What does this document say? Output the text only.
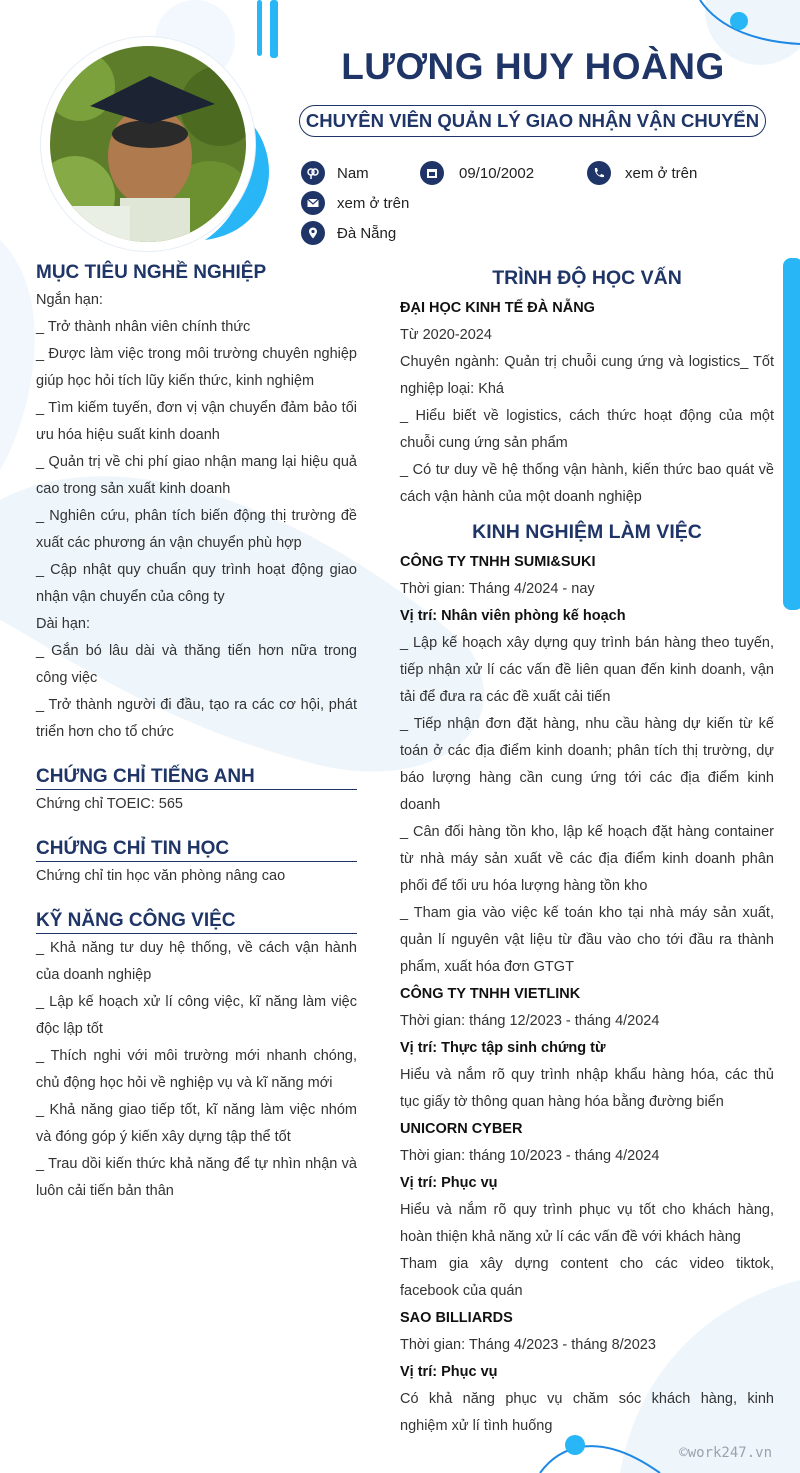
LƯƠNG HUY HOÀNG
CHUYÊN VIÊN QUẢN LÝ GIAO NHẬN VẬN CHUYỂN
Nam	09/10/2002	xem ở trên
xem ở trên
Đà Nẵng
MỤC TIÊU NGHỀ NGHIỆP
Ngắn hạn:
_ Trở thành nhân viên chính thức
_ Được làm việc trong môi trường chuyên nghiệp
giúp học hỏi tích lũy kiến thức, kinh nghiệm
_ Tìm kiếm tuyến, đơn vị vận chuyển đảm bảo tối
ưu hóa hiệu suất kinh doanh
_ Quản trị về chi phí giao nhận mang lại hiệu quả
cao trong sản xuất kinh doanh
_ Nghiên cứu, phân tích biến động thị trường đề
xuất các phương án vận chuyển phù hợp
_ Cập nhật quy chuẩn quy trình hoạt động giao
nhận vận chuyển của công ty
Dài hạn:
_ Gắn bó lâu dài và thăng tiến hơn nữa trong
công việc
_ Trở thành người đi đầu, tạo ra các cơ hội, phát
triển hơn cho tổ chức
CHỨNG CHỈ TIẾNG ANH
Chứng chỉ TOEIC: 565
CHỨNG CHỈ TIN HỌC
Chứng chỉ tin học văn phòng nâng cao
KỸ NĂNG CÔNG VIỆC
_ Khả năng tư duy hệ thống, về cách vận hành
của doanh nghiệp
_ Lập kế hoạch xử lí công việc, kĩ năng làm việc
độc lập tốt
_ Thích nghi với môi trường mới nhanh chóng,
chủ động học hỏi về nghiệp vụ và kĩ năng mới
_ Khả năng giao tiếp tốt, kĩ năng làm việc nhóm
và đóng góp ý kiến xây dựng tập thể tốt
_ Trau dồi kiến thức khả năng để tự nhìn nhận và
luôn cải tiến bản thân
TRÌNH ĐỘ HỌC VẤN
ĐẠI HỌC KINH TẾ ĐÀ NẴNG
Từ 2020-2024
Chuyên ngành: Quản trị chuỗi cung ứng và logistics_ Tốt
nghiệp loại: Khá
_ Hiểu biết về logistics, cách thức hoạt động của một
chuỗi cung ứng sản phẩm
_ Có tư duy về hệ thống vận hành, kiến thức bao quát về
cách vận hành của một doanh nghiệp
KINH NGHIỆM LÀM VIỆC
CÔNG TY TNHH SUMI&SUKI
Thời gian: Tháng 4/2024 - nay
Vị trí: Nhân viên phòng kế hoạch
_ Lập kế hoạch xây dựng quy trình bán hàng theo tuyến,
tiếp nhận xử lí các vấn đề liên quan đến kinh doanh, vận
tải để đưa ra các đề xuất cải tiến
_ Tiếp nhận đơn đặt hàng, nhu cầu hàng dự kiến từ kế
toán ở các địa điểm kinh doanh; phân tích thị trường, dự
báo lượng hàng cần cung ứng tới các địa điểm kinh
doanh
_ Cân đối hàng tồn kho, lập kế hoạch đặt hàng container
từ nhà máy sản xuất về các địa điểm kinh doanh phân
phối để tối ưu hóa lượng hàng tồn kho
_ Tham gia vào việc kế toán kho tại nhà máy sản xuất,
quản lí nguyên vật liệu từ đầu vào cho tới đầu ra thành
phẩm, xuất hóa đơn GTGT
CÔNG TY TNHH VIETLINK
Thời gian: tháng 12/2023 - tháng 4/2024
Vị trí: Thực tập sinh chứng từ
Hiểu và nắm rõ quy trình nhập khẩu hàng hóa, các thủ
tục giấy tờ thông quan hàng hóa bằng đường biển
UNICORN CYBER
Thời gian: tháng 10/2023 - tháng 4/2024
Vị trí: Phục vụ
Hiểu và nắm rõ quy trình phục vụ tốt cho khách hàng,
hoàn thiện khả năng xử lí các vấn đề với khách hàng
Tham gia xây dựng content cho các video tiktok,
facebook của quán
SAO BILLIARDS
Thời gian: Tháng 4/2023 - tháng 8/2023
Vị trí: Phục vụ
Có khả năng phục vụ chăm sóc khách hàng, kinh
nghiệm xử lí tình huống
©work247.vn
